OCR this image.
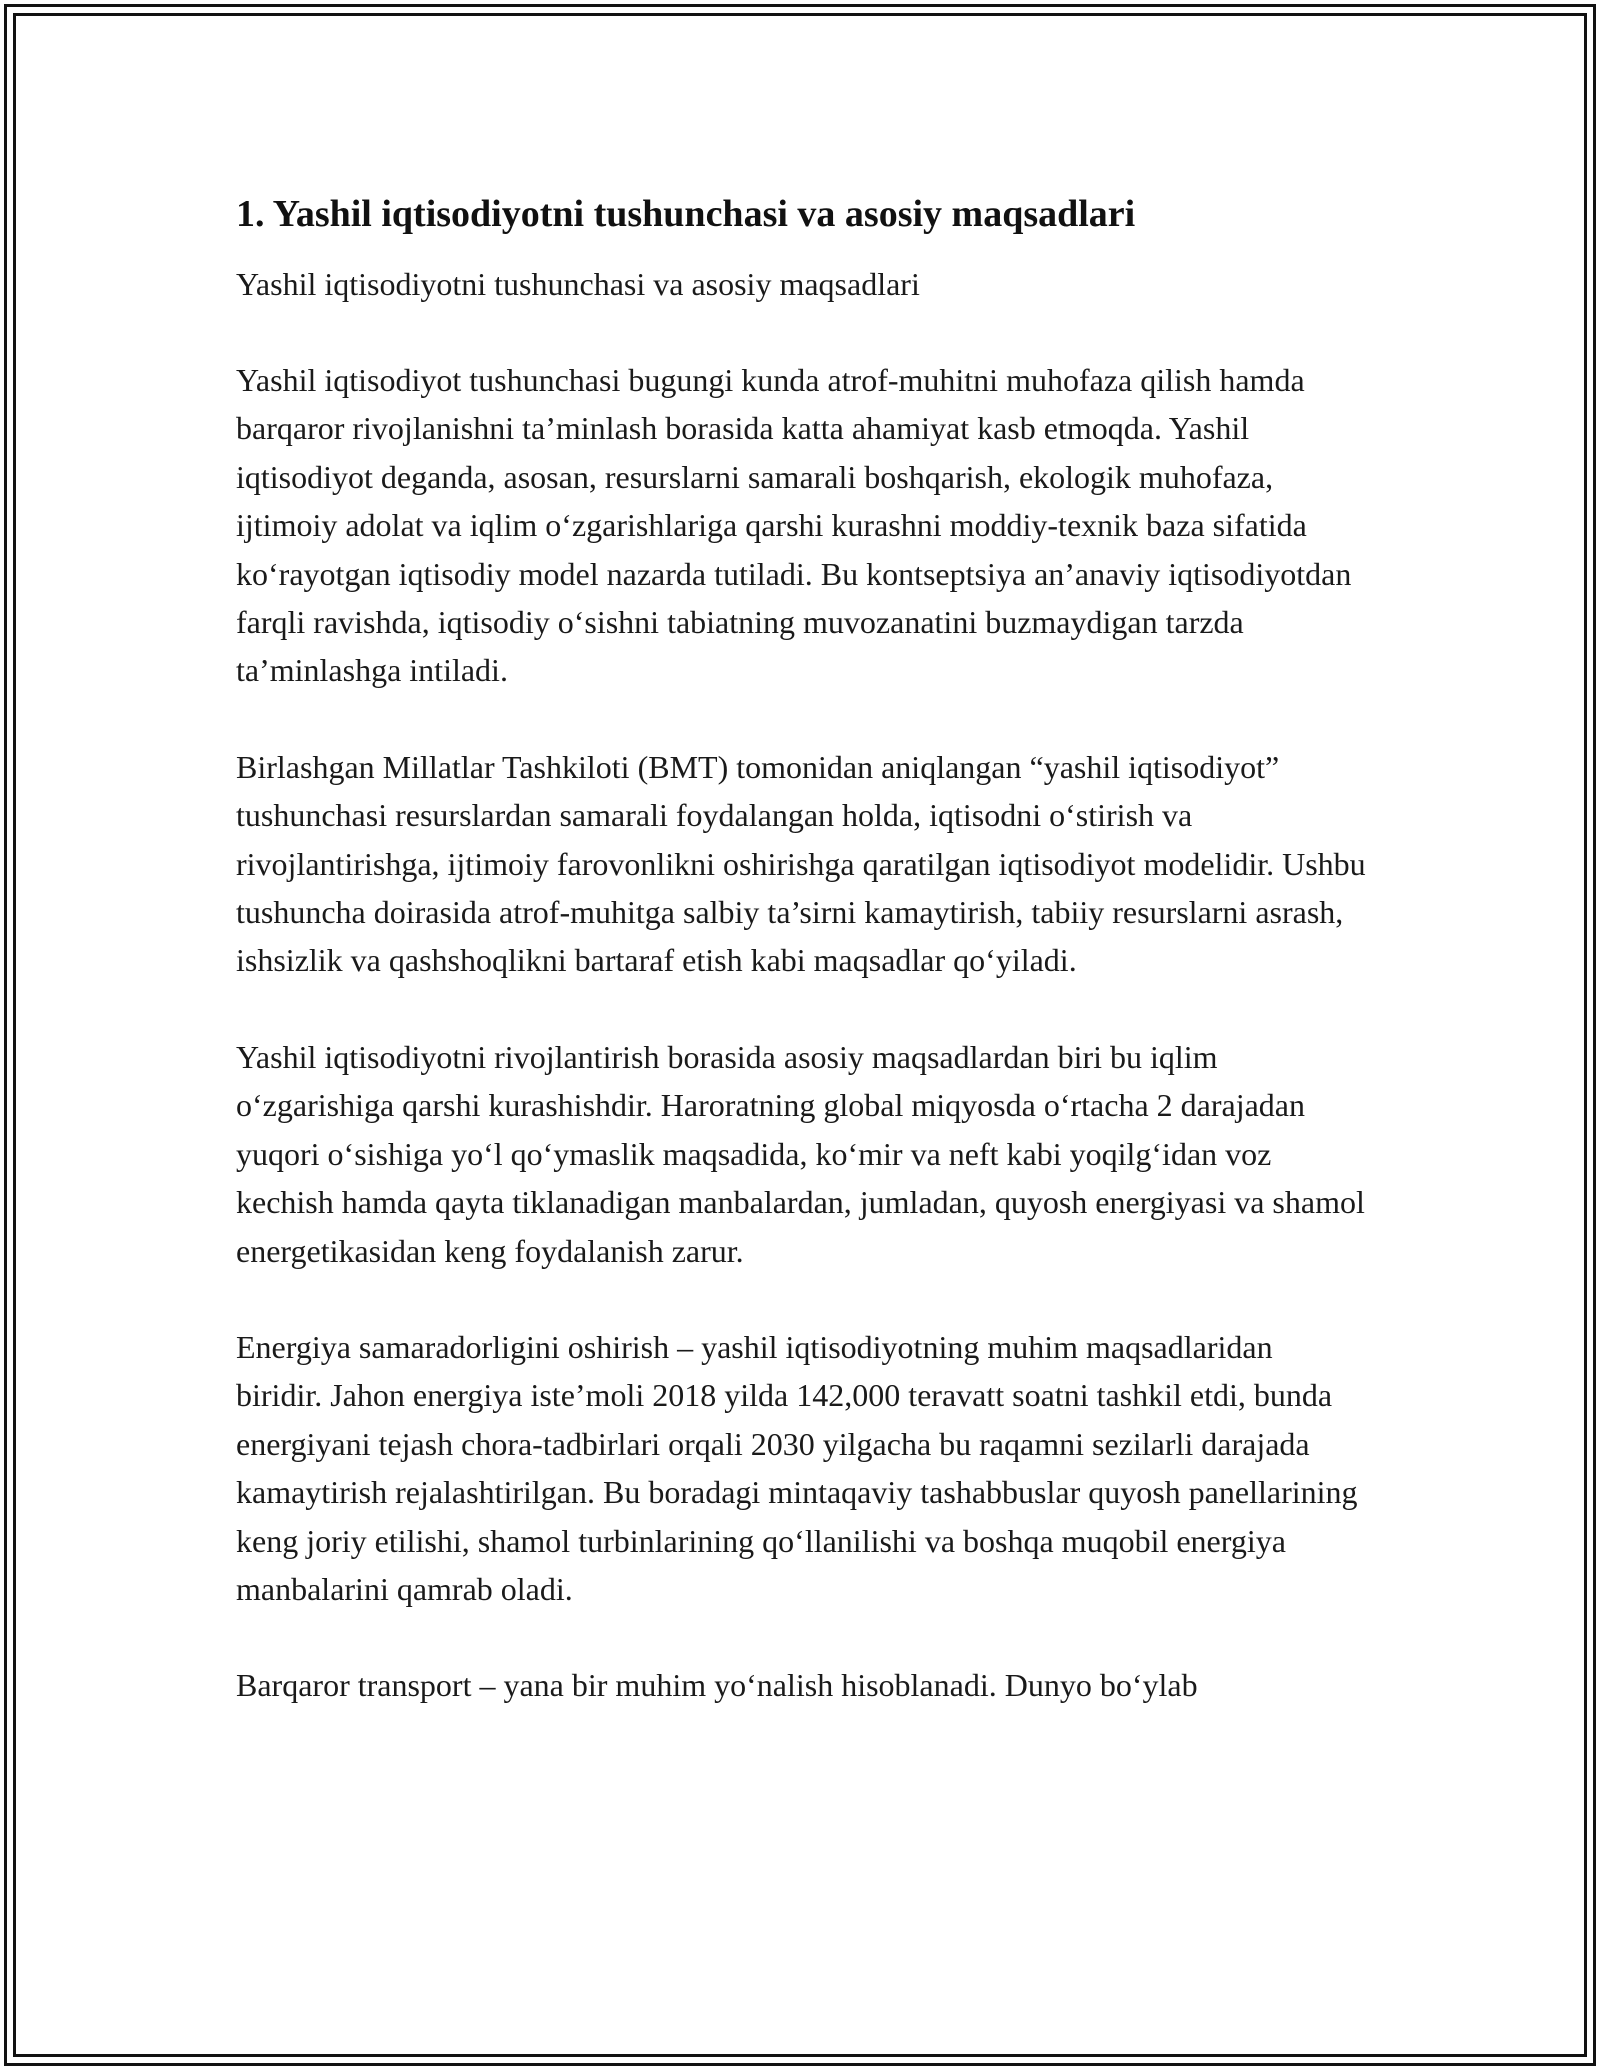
1. Yashil iqtisodiyotni tushunchasi va asosiy maqsadlari

Yashil iqtisodiyotni tushunchasi va asosiy maqsadlari

Yashil iqtisodiyot tushunchasi bugungi kunda atrof-muhitni muhofaza qilish hamda barqaror rivojlanishni ta’minlash borasida katta ahamiyat kasb etmoqda. Yashil iqtisodiyot deganda, asosan, resurslarni samarali boshqarish, ekologik muhofaza, ijtimoiy adolat va iqlim o‘zgarishlariga qarshi kurashni moddiy-texnik baza sifatida ko‘rayotgan iqtisodiy model nazarda tutiladi. Bu kontseptsiya an’anaviy iqtisodiyotdan farqli ravishda, iqtisodiy o‘sishni tabiatning muvozanatini buzmaydigan tarzda ta’minlashga intiladi.

Birlashgan Millatlar Tashkiloti (BMT) tomonidan aniqlangan “yashil iqtisodiyot” tushunchasi resurslardan samarali foydalangan holda, iqtisodni o‘stirish va rivojlantirishga, ijtimoiy farovonlikni oshirishga qaratilgan iqtisodiyot modelidir. Ushbu tushuncha doirasida atrof-muhitga salbiy ta’sirni kamaytirish, tabiiy resurslarni asrash, ishsizlik va qashshoqlikni bartaraf etish kabi maqsadlar qo‘yiladi.

Yashil iqtisodiyotni rivojlantirish borasida asosiy maqsadlardan biri bu iqlim o‘zgarishiga qarshi kurashishdir. Haroratning global miqyosda o‘rtacha 2 darajadan yuqori o‘sishiga yo‘l qo‘ymaslik maqsadida, ko‘mir va neft kabi yoqilg‘idan voz kechish hamda qayta tiklanadigan manbalardan, jumladan, quyosh energiyasi va shamol energetikasidan keng foydalanish zarur.

Energiya samaradorligini oshirish – yashil iqtisodiyotning muhim maqsadlaridan biridir. Jahon energiya iste’moli 2018 yilda 142,000 teravatt soatni tashkil etdi, bunda energiyani tejash chora-tadbirlari orqali 2030 yilgacha bu raqamni sezilarli darajada kamaytirish rejalashtirilgan. Bu boradagi mintaqaviy tashabbuslar quyosh panellarining keng joriy etilishi, shamol turbinlarining qo‘llanilishi va boshqa muqobil energiya manbalarini qamrab oladi.

Barqaror transport – yana bir muhim yo‘nalish hisoblanadi. Dunyo bo‘ylab
